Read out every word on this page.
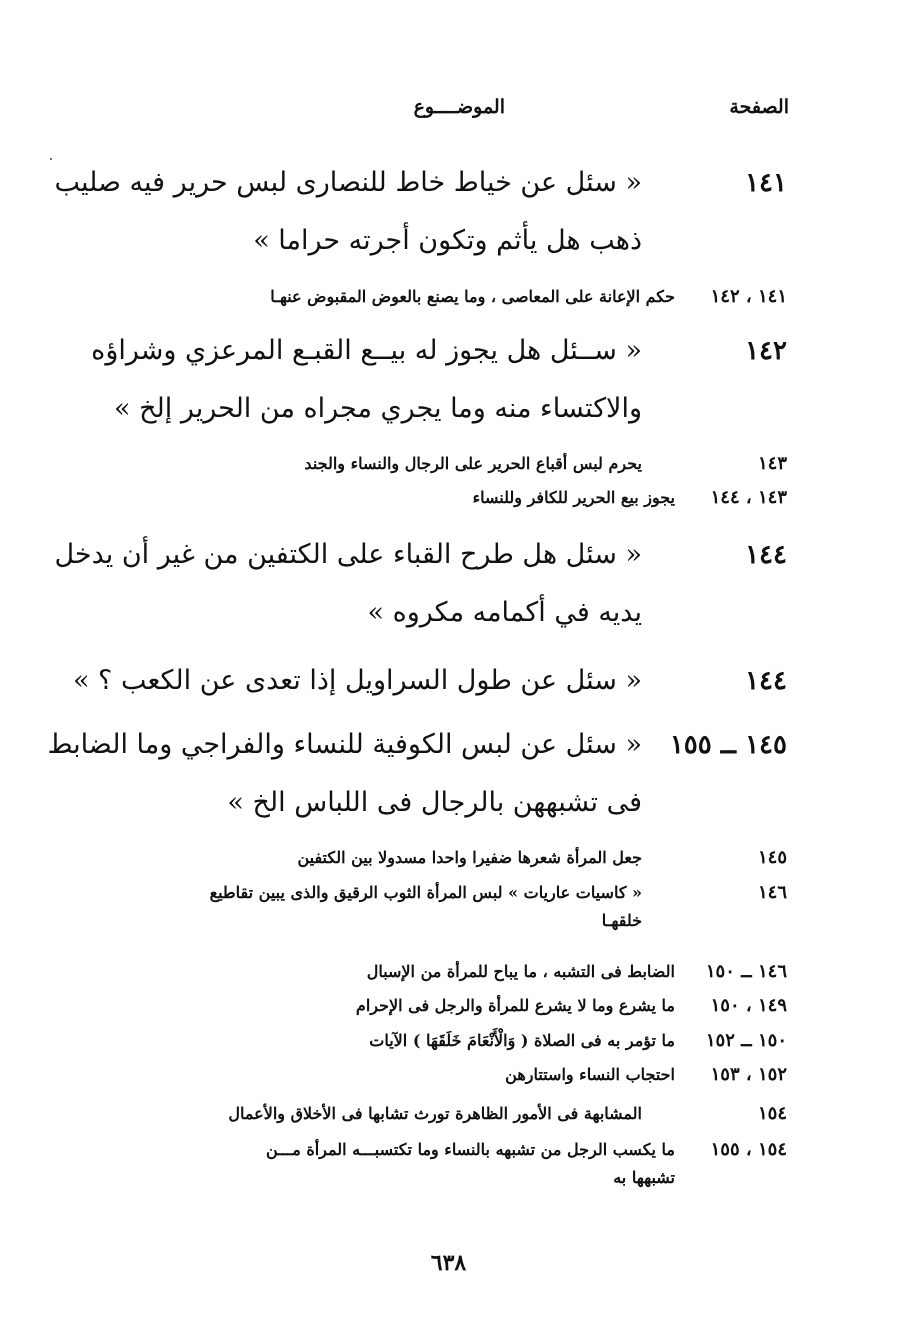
الصفحة
الموضــــوع
١٤١
« سئل عن خياط خاط للنصارى لبس حرير فيه صليب
ذهب هل يأثم وتكون أجرته حراما »
١٤١ ، ١٤٢
حكم الإعانة على المعاصى ، وما يصنع بالعوض المقبوض عنهـا
١٤٢
« ســئل هل يجوز له بيــع القبـع المرعزي وشراؤه
والاكتساء منه وما يجري مجراه من الحرير إلخ »
١٤٣
يحرم لبس أقباع الحرير على الرجال والنساء والجند
١٤٣ ، ١٤٤
يجوز بيع الحرير للكافر وللنساء
١٤٤
« سئل هل طرح القباء على الكتفين من غير أن يدخل
يديه في أكمامه مكروه »
١٤٤
« سئل عن طول السراويل إذا تعدى عن الكعب ؟ »
١٤٥ ــ ١٥٥
« سئل عن لبس الكوفية للنساء والفراجي وما الضابط
فى تشبههن بالرجال فى اللباس الخ »
١٤٥
جعل المرأة شعرها ضفيرا واحدا مسدولا بين الكتفين
١٤٦
« كاسيات عاريات » لبس المرأة الثوب الرقيق والذى يبين تقاطيع
خلقهـا
١٤٦ ــ ١٥٠
الضابط فى التشبه ، ما يباح للمرأة من الإسبال
١٤٩ ، ١٥٠
ما يشرع وما لا يشرع للمرأة والرجل فى الإحرام
١٥٠ ــ ١٥٢
ما تؤمر به فى الصلاة ( وَالْأَنْعَامَ خَلَقَهَا ) الآيات
١٥٢ ، ١٥٣
احتجاب النساء واستتارهن
١٥٤
المشابهة فى الأمور الظاهرة تورث تشابها فى الأخلاق والأعمال
١٥٤ ، ١٥٥
ما يكسب الرجل من تشبهه بالنساء وما تكتسبـــه المرأة مـــن
تشبهها به
٦٣٨
